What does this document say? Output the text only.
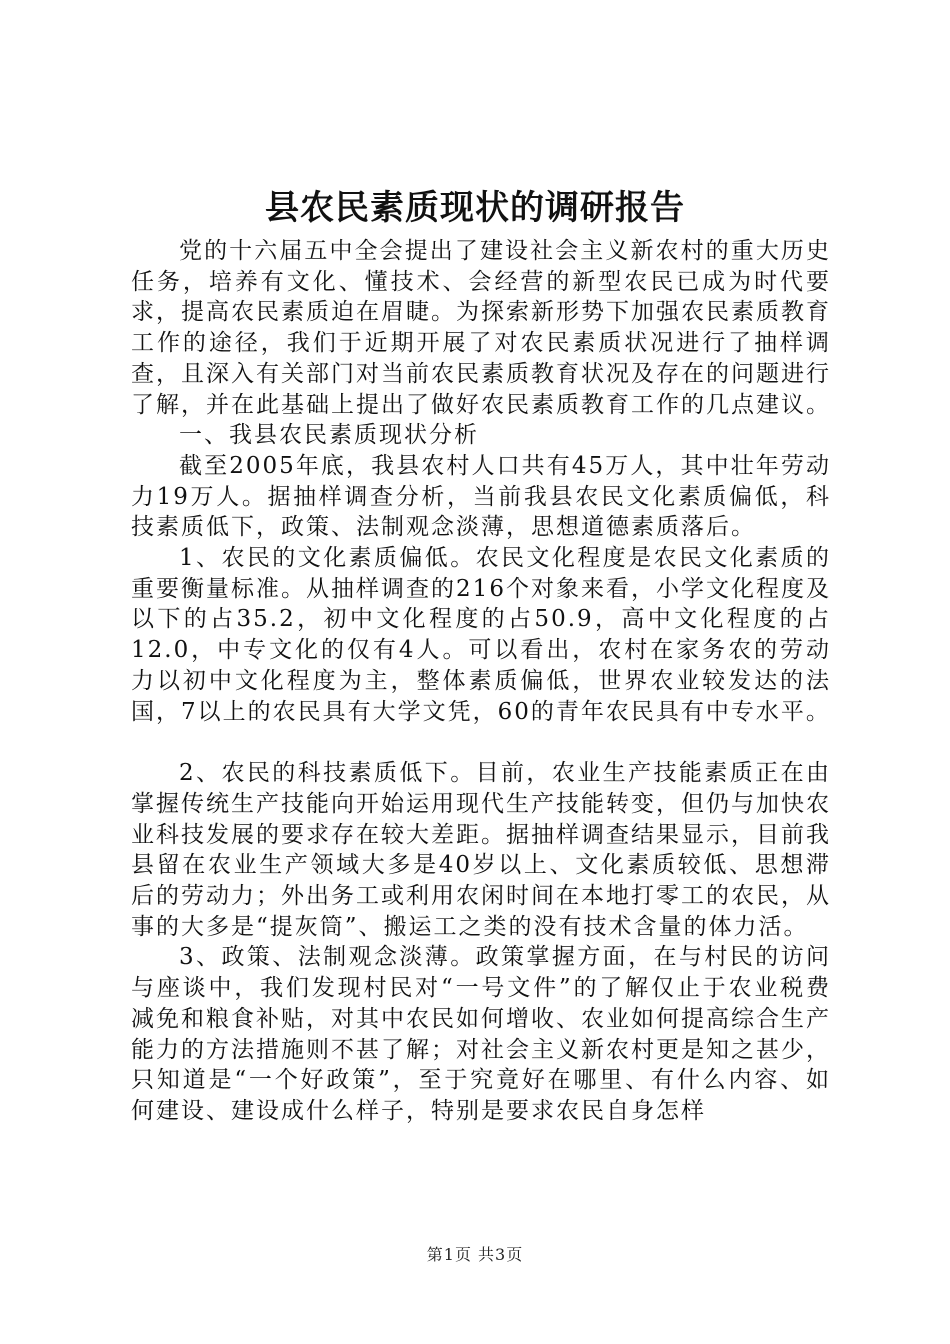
县农民素质现状的调研报告

党的十六届五中全会提出了建设社会主义新农村的重大历史任务，培养有文化、懂技术、会经营的新型农民已成为时代要求，提高农民素质迫在眉睫。为探索新形势下加强农民素质教育工作的途径，我们于近期开展了对农民素质状况进行了抽样调查，且深入有关部门对当前农民素质教育状况及存在的问题进行了解，并在此基础上提出了做好农民素质教育工作的几点建议。

一、我县农民素质现状分析

截至2005年底，我县农村人口共有45万人，其中壮年劳动力19万人。据抽样调查分析，当前我县农民文化素质偏低，科技素质低下，政策、法制观念淡薄，思想道德素质落后。

1、农民的文化素质偏低。农民文化程度是农民文化素质的重要衡量标准。从抽样调查的216个对象来看，小学文化程度及以下的占35.2，初中文化程度的占50.9，高中文化程度的占12.0，中专文化的仅有4人。可以看出，农村在家务农的劳动力以初中文化程度为主，整体素质偏低，世界农业较发达的法国，7以上的农民具有大学文凭，60的青年农民具有中专水平。

2、农民的科技素质低下。目前，农业生产技能素质正在由掌握传统生产技能向开始运用现代生产技能转变，但仍与加快农业科技发展的要求存在较大差距。据抽样调查结果显示，目前我县留在农业生产领域大多是40岁以上、文化素质较低、思想滞后的劳动力；外出务工或利用农闲时间在本地打零工的农民，从事的大多是“提灰筒”、搬运工之类的没有技术含量的体力活。

3、政策、法制观念淡薄。政策掌握方面，在与村民的访问与座谈中，我们发现村民对“一号文件”的了解仅止于农业税费减免和粮食补贴，对其中农民如何增收、农业如何提高综合生产能力的方法措施则不甚了解；对社会主义新农村更是知之甚少，只知道是“一个好政策”，至于究竟好在哪里、有什么内容、如何建设、建设成什么样子，特别是要求农民自身怎样

第1页 共3页
